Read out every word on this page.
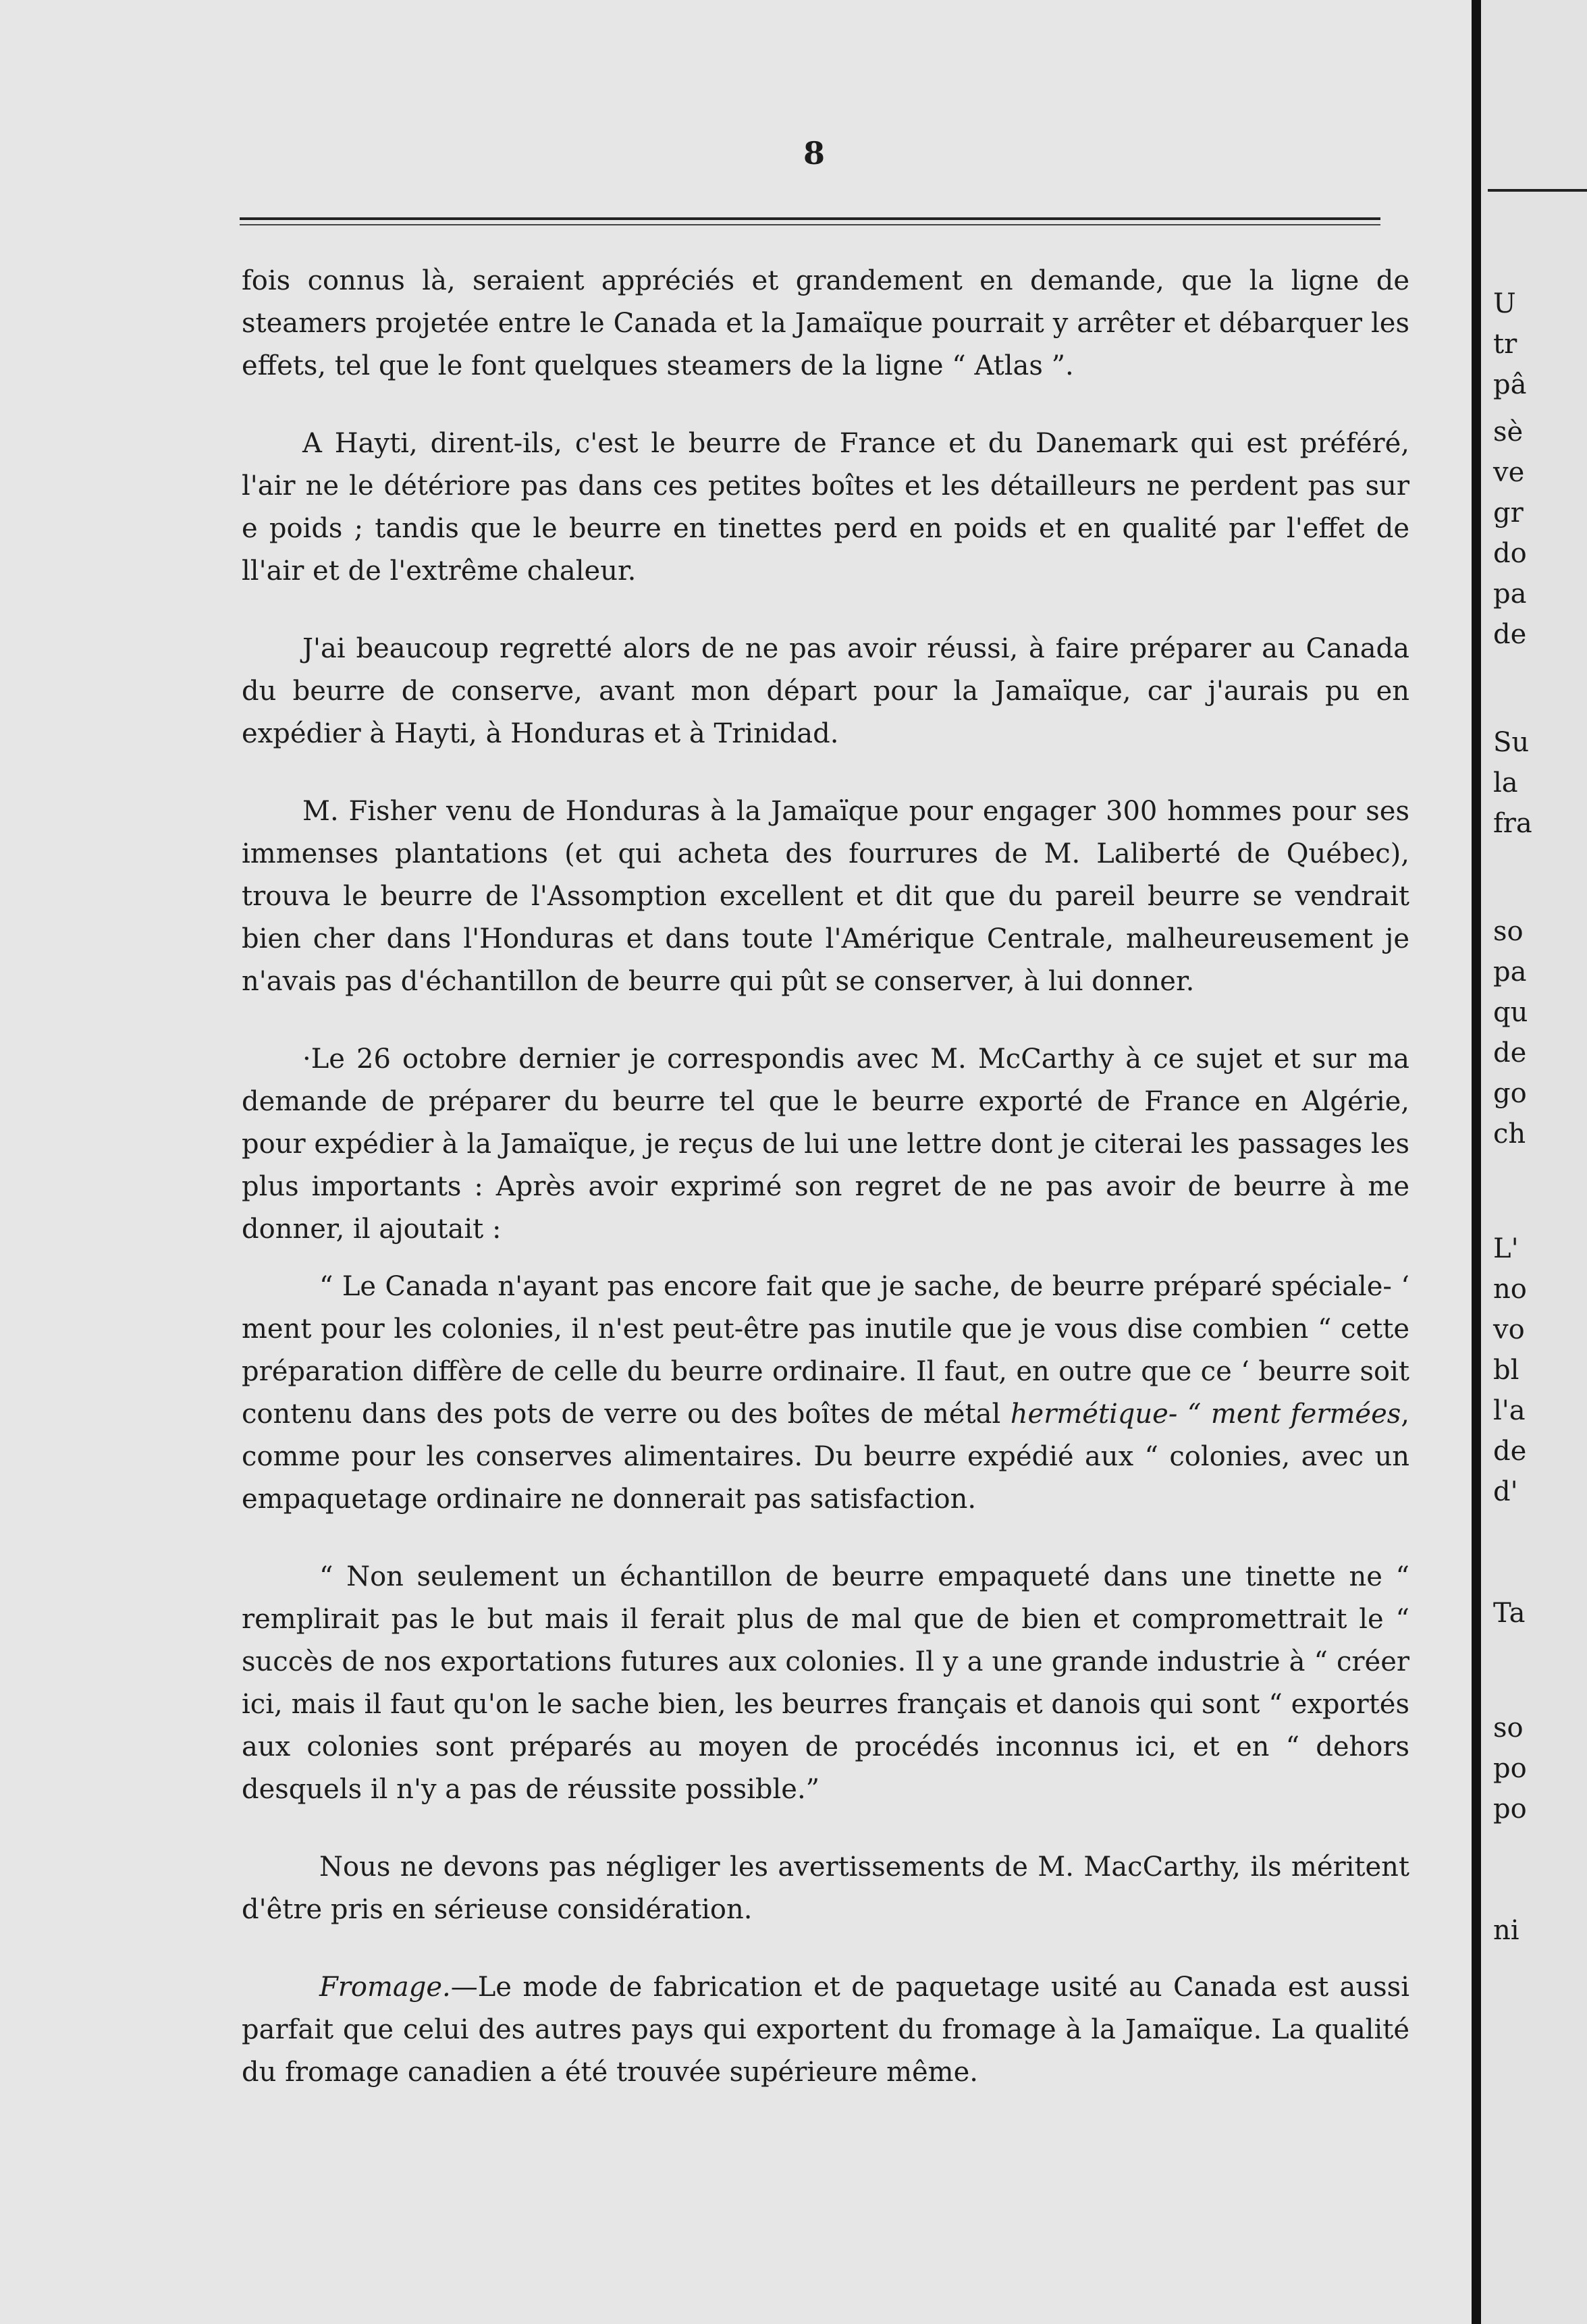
8

fois connus là, seraient appréciés et grandement en demande, que la ligne de steamers projetée entre le Canada et la Jamaïque pourrait y arrêter et débarquer les effets, tel que le font quelques steamers de la ligne “ Atlas ”.

A Hayti, dirent-ils, c'est le beurre de France et du Danemark qui est préféré, l'air ne le détériore pas dans ces petites boîtes et les détailleurs ne perdent pas sur e poids ; tandis que le beurre en tinettes perd en poids et en qualité par l'effet de ll'air et de l'extrême chaleur.

J'ai beaucoup regretté alors de ne pas avoir réussi, à faire préparer au Canada du beurre de conserve, avant mon départ pour la Jamaïque, car j'aurais pu en expédier à Hayti, à Honduras et à Trinidad.

M. Fisher venu de Honduras à la Jamaïque pour engager 300 hommes pour ses immenses plantations (et qui acheta des fourrures de M. Laliberté de Québec), trouva le beurre de l'Assomption excellent et dit que du pareil beurre se vendrait bien cher dans l'Honduras et dans toute l'Amérique Centrale, malheureusement je n'avais pas d'échantillon de beurre qui pût se conserver, à lui donner.

·Le 26 octobre dernier je correspondis avec M. McCarthy à ce sujet et sur ma demande de préparer du beurre tel que le beurre exporté de France en Algérie, pour expédier à la Jamaïque, je reçus de lui une lettre dont je citerai les passages les plus importants : Après avoir exprimé son regret de ne pas avoir de beurre à me donner, il ajoutait :

“ Le Canada n'ayant pas encore fait que je sache, de beurre préparé spéciale- ‘ ment pour les colonies, il n'est peut-être pas inutile que je vous dise combien “ cette préparation diffère de celle du beurre ordinaire. Il faut, en outre que ce ‘ beurre soit contenu dans des pots de verre ou des boîtes de métal hermétique- “ ment fermées, comme pour les conserves alimentaires. Du beurre expédié aux “ colonies, avec un empaquetage ordinaire ne donnerait pas satisfaction.

“ Non seulement un échantillon de beurre empaqueté dans une tinette ne “ remplirait pas le but mais il ferait plus de mal que de bien et compromettrait le “ succès de nos exportations futures aux colonies. Il y a une grande industrie à “ créer ici, mais il faut qu'on le sache bien, les beurres français et danois qui sont “ exportés aux colonies sont préparés au moyen de procédés inconnus ici, et en “ dehors desquels il n'y a pas de réussite possible.”

Nous ne devons pas négliger les avertissements de M. MacCarthy, ils méritent d'être pris en sérieuse considération.

Fromage.—Le mode de fabrication et de paquetage usité au Canada est aussi parfait que celui des autres pays qui exportent du fromage à la Jamaïque. La qualité du fromage canadien a été trouvée supérieure même.

U
tr
pâ
sè
ve
gr
do
pa
de
Su
la
fra
so
pa
qu
de
go
ch
L'
no
vo
bl
l'a
de
d'
Ta
so
po
po
ni
